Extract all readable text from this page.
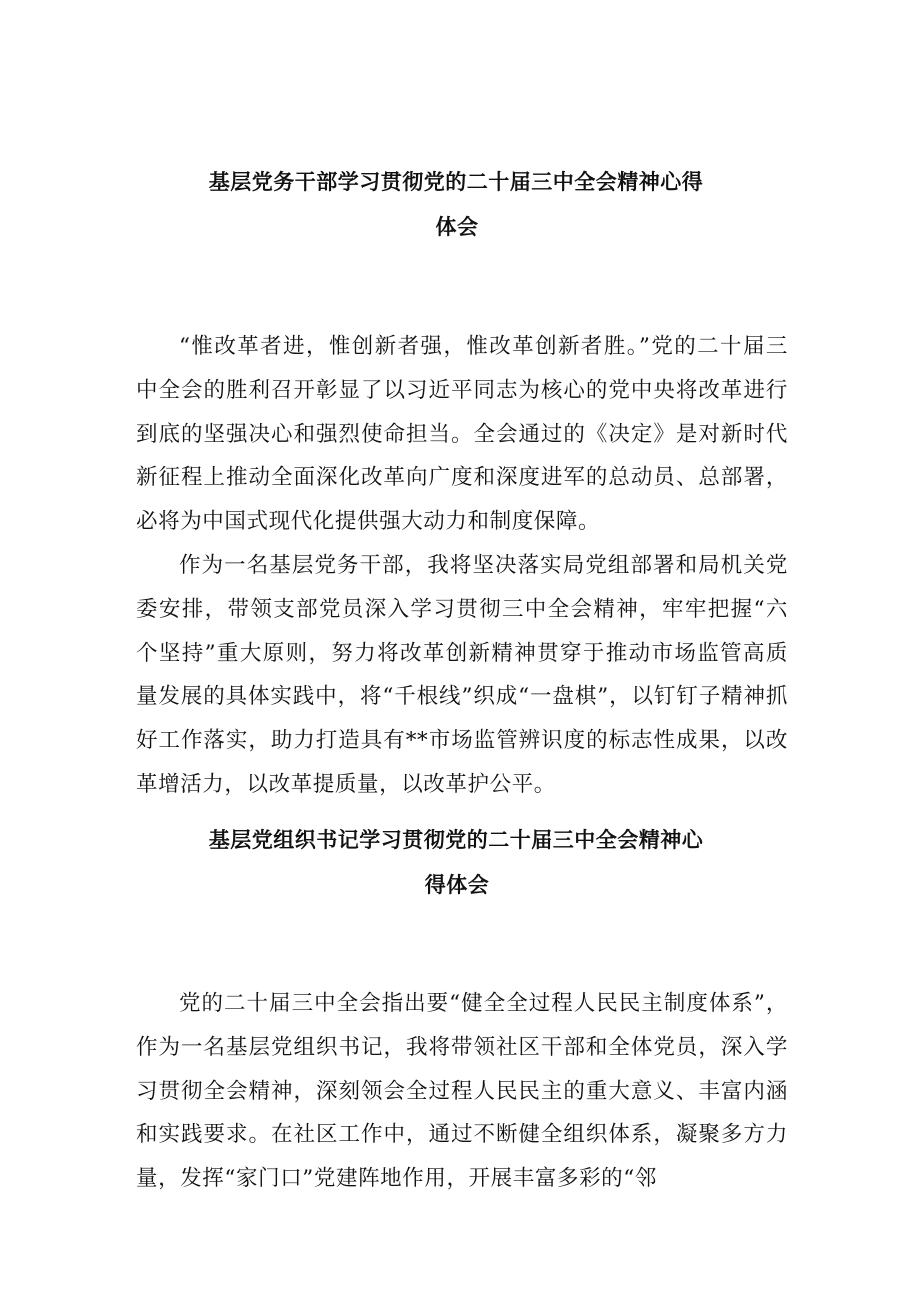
基层党务干部学习贯彻党的二十届三中全会精神心得
体会

“惟改革者进，惟创新者强，惟改革创新者胜。”党的二十届三中全会的胜利召开彰显了以习近平同志为核心的党中央将改革进行到底的坚强决心和强烈使命担当。全会通过的《决定》是对新时代新征程上推动全面深化改革向广度和深度进军的总动员、总部署，必将为中国式现代化提供强大动力和制度保障。

作为一名基层党务干部，我将坚决落实局党组部署和局机关党委安排，带领支部党员深入学习贯彻三中全会精神，牢牢把握“六个坚持”重大原则，努力将改革创新精神贯穿于推动市场监管高质量发展的具体实践中，将“千根线”织成“一盘棋”，以钉钉子精神抓好工作落实，助力打造具有**市场监管辨识度的标志性成果，以改革增活力，以改革提质量，以改革护公平。

基层党组织书记学习贯彻党的二十届三中全会精神心
得体会

党的二十届三中全会指出要“健全全过程人民民主制度体系”，作为一名基层党组织书记，我将带领社区干部和全体党员，深入学习贯彻全会精神，深刻领会全过程人民民主的重大意义、丰富内涵和实践要求。在社区工作中，通过不断健全组织体系，凝聚多方力量，发挥“家门口”党建阵地作用，开展丰富多彩的“邻
